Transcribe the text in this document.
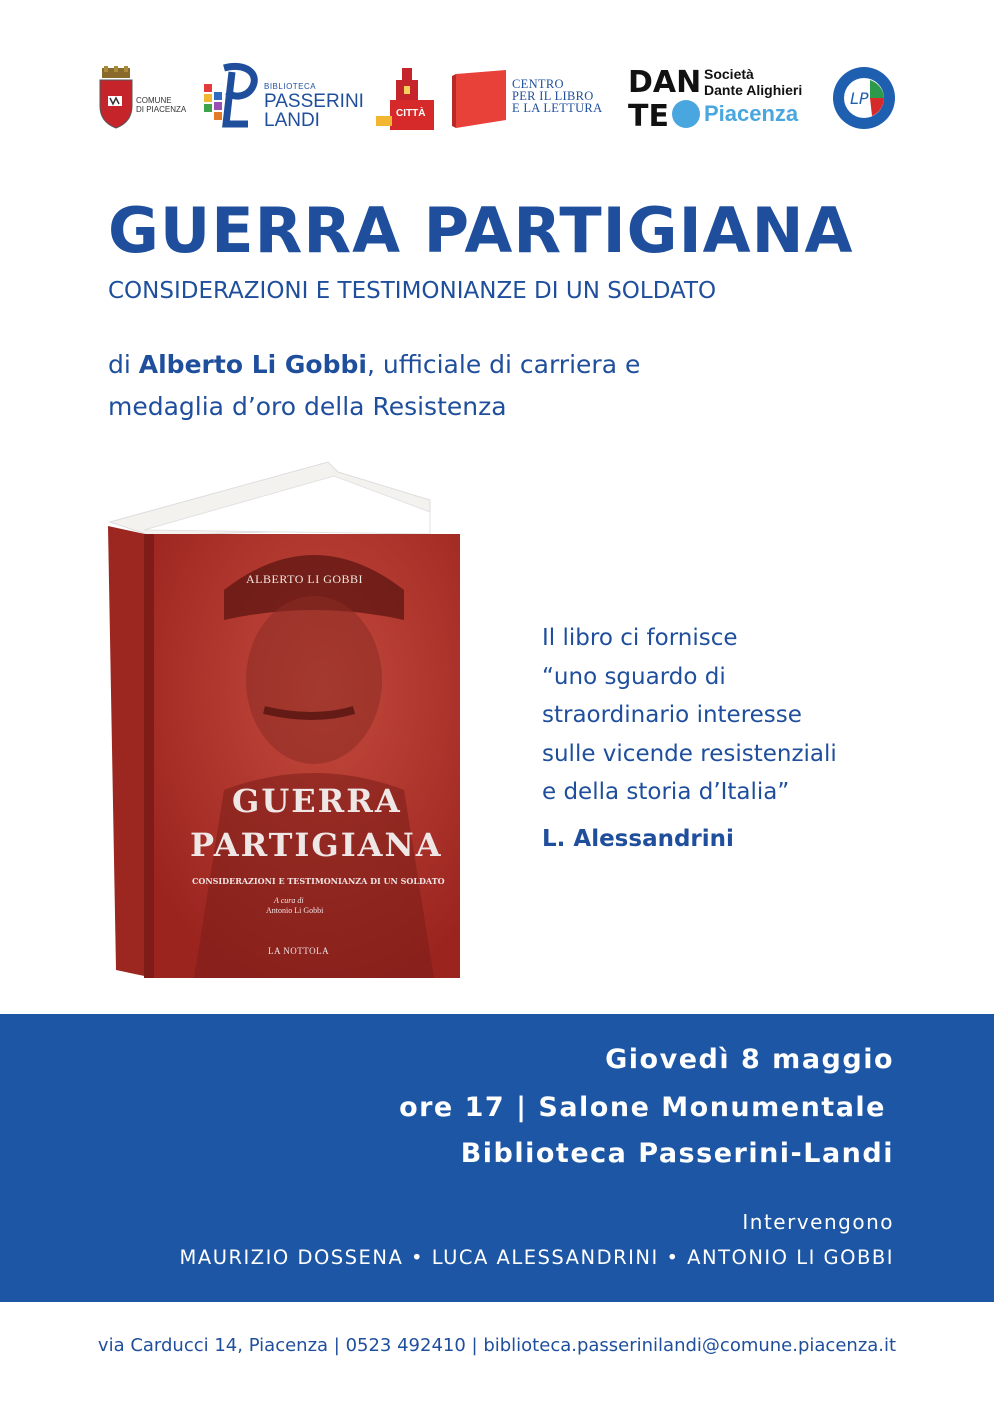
COMUNE
DI PIACENZA
BIBLIOTECA
PASSERINI
LANDI	CITTÀ
CENTRO
PER IL LIBRO
E LA LETTURA
DAN
TE
Società
Dante Alighieri
Piacenza
LP
GUERRA PARTIGIANA
CONSIDERAZIONI E TESTIMONIANZE DI UN SOLDATO
di Alberto Li Gobbi, ufficiale di carriera e
medaglia d’oro della Resistenza
ALBERTO LI GOBBI
GUERRA
PARTIGIANA
CONSIDERAZIONI E TESTIMONIANZA DI UN SOLDATO
A cura di
Antonio Li Gobbi
LA NOTTOLA
Il libro ci fornisce
“uno sguardo di
straordinario interesse
sulle vicende resistenziali
e della storia d’Italia”
L. Alessandrini
Giovedì 8 maggio
ore 17 | Salone Monumentale
Biblioteca Passerini-Landi
Intervengono
MAURIZIO DOSSENA • LUCA ALESSANDRINI • ANTONIO LI GOBBI
via Carducci 14, Piacenza | 0523 492410 | biblioteca.passerinilandi@comune.piacenza.it
